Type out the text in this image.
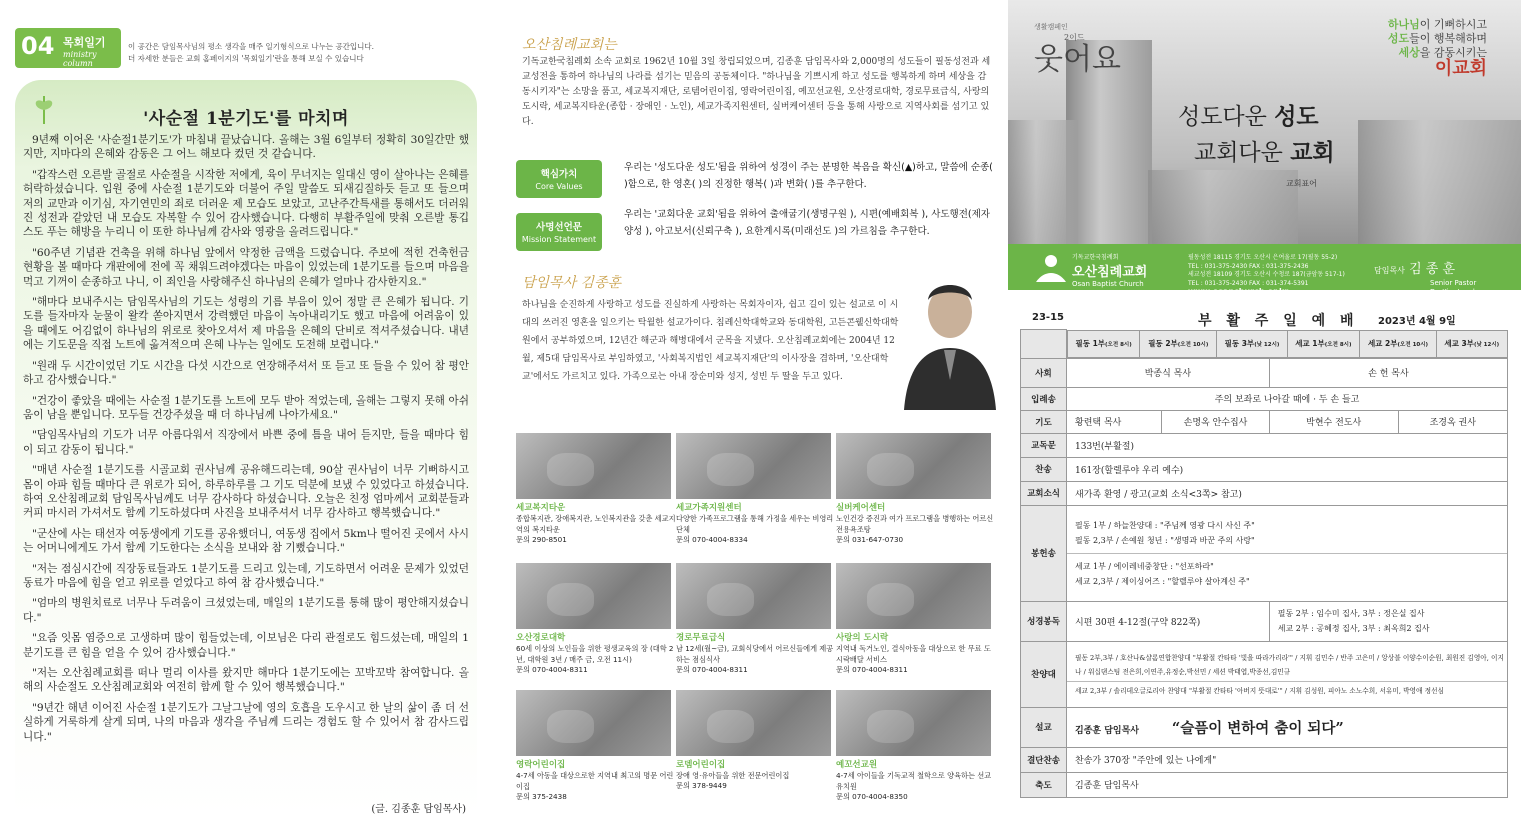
04 목회일기
ministry column
이 공간은 담임목사님의 평소 생각을 매주 일기형식으로 나누는 공간입니다.
더 자세한 분들은 교회 홈페이지의 '목회일기'란을 통해 보실 수 있습니다
'사순절 1분기도'를 마치며

9년째 이어온 '사순절1분기도'가 마침내 끝났습니다. 올해는 3월 6일부터 정확히 30일간만 했지만, 지마다의 은혜와 감동은 그 어느 해보다 컸던 것 같습니다.

"갑작스런 오른발 골절로 사순절을 시작한 저에게, 육이 무너지는 일대신 영이 살아나는 은혜를 허락하셨습니다. 입원 중에 사순절 1분기도와 더불어 주일 말씀도 되새김질하듯 듣고 또 들으며 저의 교만과 이기심, 자기연민의 죄로 더러운 제 모습도 보았고, 고난주간특새를 통해서도 더러워진 성전과 같았던 내 모습도 자복할 수 있어 감사했습니다. 다행히 부활주일에 맞춰 오른발 통깁스도 푸는 해방을 누리니 이 또한 하나님께 감사와 영광을 올려드립니다."

"60주년 기념관 건축을 위해 하나님 앞에서 약정한 금액을 드렸습니다. 주보에 적힌 건축헌금 현황을 볼 때마다 개판에에 전에 꼭 채워드려야겠다는 마음이 있었는데 1분기도를 들으며 마음을 먹고 기꺼이 순종하고 나니, 이 죄인을 사랑해주신 하나님의 은혜가 얼마나 감사한지요."

"해마다 보내주시는 담임목사님의 기도는 성령의 기름 부음이 있어 정말 큰 은혜가 됩니다. 기도를 들자마자 눈물이 왈칵 쏟아지면서 강력했던 마음이 녹아내리기도 했고 마음에 어려움이 있을 때에도 어김없이 하나님의 위로로 찾아오셔서 제 마음을 은혜의 단비로 적셔주셨습니다. 내년에는 기도문을 직접 노트에 옮겨적으며 은혜 나누는 일에도 도전해 보렵니다."

"원래 두 시간이었던 기도 시간을 다섯 시간으로 연장해주셔서 또 듣고 또 들을 수 있어 참 평안하고 감사했습니다."

"건강이 좋았을 때에는 사순절 1분기도를 노트에 모두 받아 적었는데, 올해는 그렇지 못해 아쉬움이 남을 뿐입니다. 모두들 건강주셨을 때 더 하나님께 나아가세요."

"담임목사님의 기도가 너무 아름다워서 직장에서 바쁜 중에 틈을 내어 듣지만, 들을 때마다 힘이 되고 감동이 됩니다."

"매년 사순절 1분기도를 시골교회 권사님께 공유해드리는데, 90살 권사님이 너무 기뻐하시고 몸이 아파 힘들 때마다 큰 위로가 되어, 하루하루를 그 기도 덕분에 보냈 수 있었다고 하셨습니다. 하여 오산침례교회 담임목사님께도 너무 감사하다 하셨습니다. 오늘은 친정 엄마께서 교회분들과 커피 마시러 가셔서도 함께 기도하셨다며 사진을 보내주셔서 너무 감사하고 행복했습니다."

"군산에 사는 태선자 여동생에게 기도를 공유했더니, 여동생 집에서 5km나 떨어진 곳에서 사시는 어머니에게도 가서 함께 기도한다는 소식을 보내와 참 기뻤습니다."

"저는 점심시간에 직장동료들과도 1분기도를 드리고 있는데, 기도하면서 어려운 문제가 있었던 동료가 마음에 힘을 얻고 위로를 얻었다고 하여 참 감사했습니다."

"엄마의 병원치료로 너무나 두려움이 크셨었는데, 매일의 1분기도를 통해 많이 평안해지셨습니다."

"요즘 잇몸 염증으로 고생하며 많이 힘들었는데, 이보님은 다리 관절로도 힘드셨는데, 매일의 1분기도를 큰 힘을 얻을 수 있어 감사했습니다."

"저는 오산침례교회를 떠나 멀리 이사를 왔지만 해마다 1분기도에는 꼬박꼬박 참여합니다. 올해의 사순절도 오산침례교회와 여전히 함께 할 수 있어 행복했습니다."

"9년간 해년 이어진 사순절 1분기도가 그날그날에 영의 호흡을 도우시고 한 날의 삶이 좀 더 선실하게 거룩하게 살게 되며, 나의 마음과 생각을 주님께 드리는 경험도 할 수 있어서 참 감사드립니다."

(글. 김종훈 담임목사)
오산침례교회는
기독교한국침례회 소속 교회로 1962년 10월 3일 창립되었으며, 김종훈 담임목사와 2,000명의 성도들이 필동성전과 세교성전을 통하여 하나님의 나라를 섬기는 믿음의 공동체이다. "하나님을 기쁘시게 하고 성도를 행복하게 하며 세상을 감동시키자"는 소망을 품고, 세교복지재단, 로템어린이집, 영락어린이집, 예꼬선교원, 오산경로대학, 경로무료급식, 사랑의도시락, 세교복지타운(종합 · 장애인 · 노인), 세교가족지원센터, 실버케어센터 등을 통해 사랑으로 지역사회를 섬기고 있다.
핵심가치
Core Values
우리는 '성도다운 성도'됨을 위하여 성경이 주는 분명한 복음을 확신(▲)하고, 말씀에 순종( )함으로, 한 영혼( )의 진정한 행복( )과 변화( )를 추구한다.
사명선언문
Mission Statement
우리는 '교회다운 교회'됨을 위하여 출애굽기(생명구원 ), 시편(예배회복 ), 사도행전(제자양성 ), 아고보서(신뢰구축 ), 요한계시록(미래선도 )의 가르침을 추구한다.
담임목사 김종훈
하나님을 순진하게 사랑하고 성도를 진실하게 사랑하는 목회자이자, 쉽고 길이 있는 설교로 이 시대의 쓰러진 영혼을 일으키는 탁월한 설교가이다. 침례신학대학교와 동대학원, 고든콘웰신학대학원에서 공부하였으며, 12년간 해군과 해병대에서 군목을 지냈다. 오산침례교회에는 2004년 12월, 제5대 담임목사로 부임하였고, '사회복지법인 세교복지재단'의 이사장을 겸하며, '오산대학교'에서도 가르치고 있다. 가족으로는 아내 장순미와 성지, 성빈 두 딸을 두고 있다.
세교복지타운
종합복지관, 장애복지관, 노인복지관을 갖춘 세교지역의 복지타운
문의 290-8501
세교가족지원센터
다양한 가족프로그램을 통해 가정을 세우는 비영리단체
문의 070-4004-8334
실버케어센터
노인건강 증진과 여가 프로그램을 병행하는 어르신 전용욕조탕
문의 031-647-0730
오산경로대학
60세 이상의 노인들을 위한 평생교육의 장 (대학 2년, 대학원 3년 / 매주 금, 오전 11시)
문의 070-4004-8311
경로무료급식
남 12세(월~금), 교회식당에서 어르신들에게 제공하는 점심식사
문의 070-4004-8311
사랑의 도시락
지역내 독거노인, 결식아동을 대상으로 한 무료 도시락배달 서비스
문의 070-4004-8311
영락어린이집
4-7세 아동을 대상으로한 지역내 최고의 명문 어린이집
문의 375-2438
로뎀어린이집
장애 영·유아들을 위한 전문어린이집
문의 378-9449
예꼬선교원
4-7세 아이들을 기독교적 철학으로 양육하는 선교유치원
문의 070-4004-8350
생활캠페인
2이드
웃어요
하나님이 기뻐하시고
성도들이 행복해하며
세상을 감동시키는
이교회
성도다운 성도
교회다운 교회
교회표어
기독교한국침례회
오산침례교회
Osan Baptist Church
필동성전 18115 경기도 오산시 은여울로 17(필동 55-2)
TEL : 031-375-2430 FAX : 031-375-2436
세교성전 18109 경기도 오산시 수청로 187(금암동 517-1)
TEL : 031-375-2430 FAX : 031-374-5391
www.osanchurch.or.kr
담임목사 김 종 훈
Senior Pastor
Dr. Kim,Jonghoon
23-15	부 활 주 일 예 배 2023년 4월 9일

필동 1부(오전 8시)	필동 2부(오전 10시)	필동 3부(낮 12시)	세교 1부(오전 8시)	세교 2부(오전 10시)	세교 3부(낮 12시)

사회	박종식 목사	손 헌 목사
입례송	주의 보좌로 나아갈 때에 · 두 손 들고
기도	황련택 목사	손명옥 안수집사	박현수 전도사	조경옥 권사
교독문	133번(부활절)
찬송	161장(할렐루야 우리 예수)
교회소식	새가족 환영 / 광고(교회 소식<3쪽> 참고)
봉헌송	
필동 1부 / 하늘찬양대 : "주님께 영광 다시 사신 주"
필동 2,3부 / 손예원 청년 : "생명과 바꾼 주의 사랑"
세교 1부 / 에이레네중창단 : "선포하라"
세교 2,3부 / 제이싱어즈 : "할렐루야 살아계신 주"

성경봉독	시편 30편 4-12절(구약 822쪽)	
필동 2부 : 임수미 집사, 3부 : 정은실 집사
세교 2부 : 공혜정 집사, 3부 : 최옥희2 집사

찬양대	
필동 2부,3부 / 호산나&샬롬연합찬양대 "부활절 칸타타 '빛을 따라가리라'" / 지휘 김민수 / 반주 고은미 / 앙상블 이양수이순원, 최원진 김영아, 이지나 / 워십댄스팀 전은희,이연주,유정순,박선민 / 세션 박태엽,박종선,김민규
세교 2,3부 / 솔리데오글로리아 찬양대 "부활절 칸타타 '아버지 뜻대로'" / 지휘 김성원, 피아노 소노수희, 서유미, 박영애 정선심

설교	김종훈 담임목사 “슬픔이 변하여 춤이 되다”
결단찬송	찬송가 370장 "주안에 있는 나에게"
축도	김종훈 담임목사
